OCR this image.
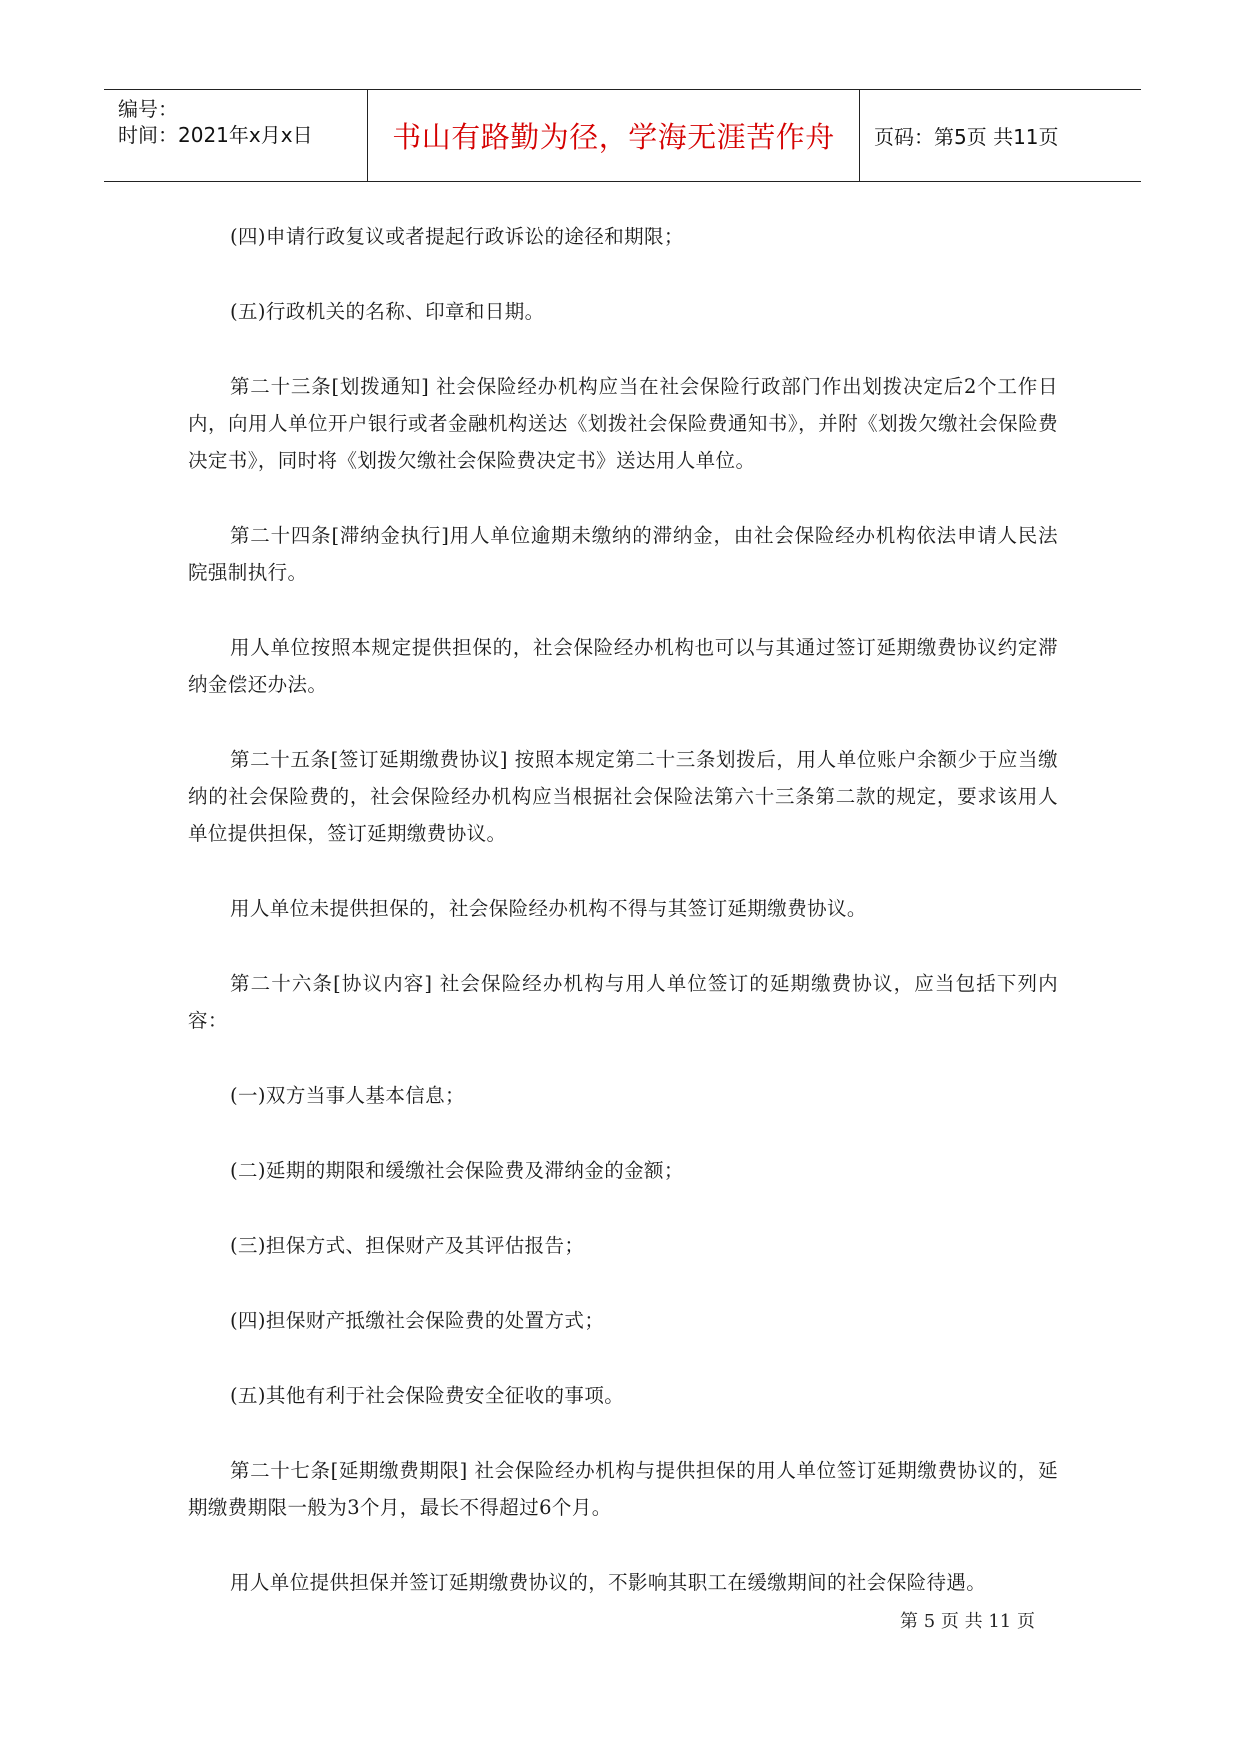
编号：
时间：2021年x月x日	书山有路勤为径，学海无涯苦作舟 页码：第5页 共11页

(四)申请行政复议或者提起行政诉讼的途径和期限；

(五)行政机关的名称、印章和日期。

第二十三条[划拨通知] 社会保险经办机构应当在社会保险行政部门作出划拨决定后2个工作日内，向用人单位开户银行或者金融机构送达《划拨社会保险费通知书》，并附《划拨欠缴社会保险费决定书》，同时将《划拨欠缴社会保险费决定书》送达用人单位。

第二十四条[滞纳金执行]用人单位逾期未缴纳的滞纳金，由社会保险经办机构依法申请人民法院强制执行。

用人单位按照本规定提供担保的，社会保险经办机构也可以与其通过签订延期缴费协议约定滞纳金偿还办法。

第二十五条[签订延期缴费协议] 按照本规定第二十三条划拨后，用人单位账户余额少于应当缴纳的社会保险费的，社会保险经办机构应当根据社会保险法第六十三条第二款的规定，要求该用人单位提供担保，签订延期缴费协议。

用人单位未提供担保的，社会保险经办机构不得与其签订延期缴费协议。

第二十六条[协议内容] 社会保险经办机构与用人单位签订的延期缴费协议，应当包括下列内容：

(一)双方当事人基本信息；

(二)延期的期限和缓缴社会保险费及滞纳金的金额；

(三)担保方式、担保财产及其评估报告；

(四)担保财产抵缴社会保险费的处置方式；

(五)其他有利于社会保险费安全征收的事项。

第二十七条[延期缴费期限] 社会保险经办机构与提供担保的用人单位签订延期缴费协议的，延期缴费期限一般为3个月，最长不得超过6个月。

用人单位提供担保并签订延期缴费协议的，不影响其职工在缓缴期间的社会保险待遇。

第 5 页 共 11 页
